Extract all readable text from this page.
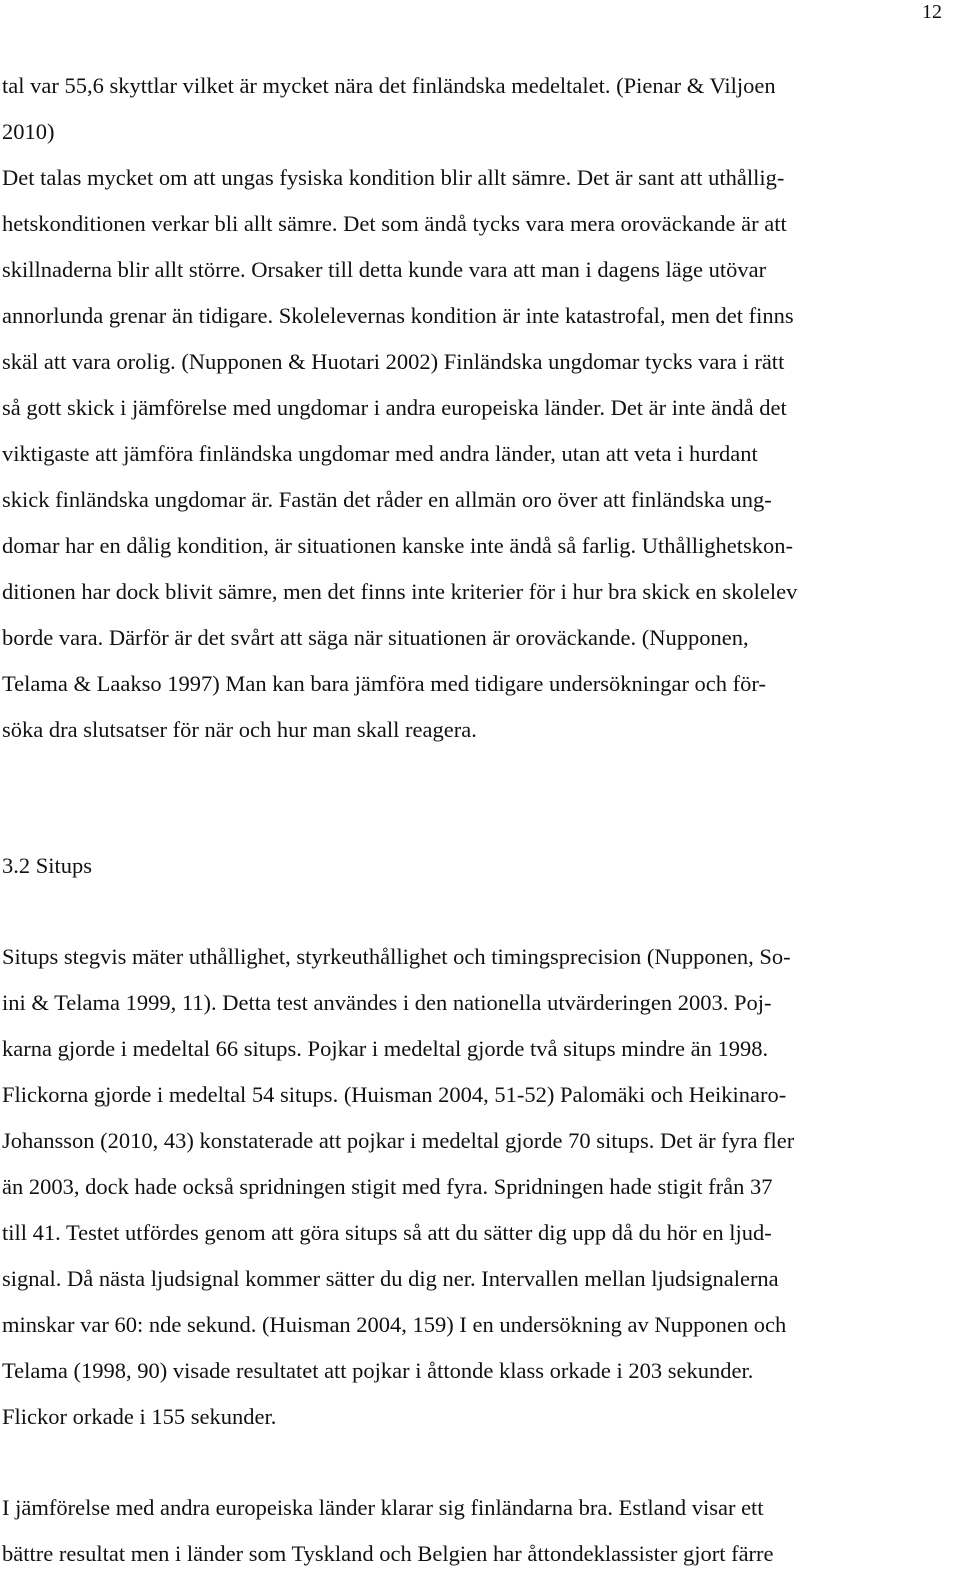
12
tal var 55,6 skyttlar vilket är mycket nära det finländska medeltalet. (Pienar & Viljoen
2010)
Det talas mycket om att ungas fysiska kondition blir allt sämre. Det är sant att uthållig-
hetskonditionen verkar bli allt sämre. Det som ändå tycks vara mera oroväckande är att
skillnaderna blir allt större. Orsaker till detta kunde vara att man i dagens läge utövar
annorlunda grenar än tidigare. Skolelevernas kondition är inte katastrofal, men det finns
skäl att vara orolig. (Nupponen & Huotari 2002) Finländska ungdomar tycks vara i rätt
så gott skick i jämförelse med ungdomar i andra europeiska länder. Det är inte ändå det
viktigaste att jämföra finländska ungdomar med andra länder, utan att veta i hurdant
skick finländska ungdomar är. Fastän det råder en allmän oro över att finländska ung-
domar har en dålig kondition, är situationen kanske inte ändå så farlig. Uthållighetskon-
ditionen har dock blivit sämre, men det finns inte kriterier för i hur bra skick en skolelev
borde vara. Därför är det svårt att säga när situationen är oroväckande. (Nupponen,
Telama & Laakso 1997) Man kan bara jämföra med tidigare undersökningar och för-
söka dra slutsatser för när och hur man skall reagera.
3.2 Situps
Situps stegvis mäter uthållighet, styrkeuthållighet och timingsprecision (Nupponen, So-
ini & Telama 1999, 11). Detta test användes i den nationella utvärderingen 2003. Poj-
karna gjorde i medeltal 66 situps. Pojkar i medeltal gjorde två situps mindre än 1998.
Flickorna gjorde i medeltal 54 situps. (Huisman 2004, 51-52) Palomäki och Heikinaro-
Johansson (2010, 43) konstaterade att pojkar i medeltal gjorde 70 situps. Det är fyra fler
än 2003, dock hade också spridningen stigit med fyra. Spridningen hade stigit från 37
till 41. Testet utfördes genom att göra situps så att du sätter dig upp då du hör en ljud-
signal. Då nästa ljudsignal kommer sätter du dig ner. Intervallen mellan ljudsignalerna
minskar var 60: nde sekund. (Huisman 2004, 159) I en undersökning av Nupponen och
Telama (1998, 90) visade resultatet att pojkar i åttonde klass orkade i 203 sekunder.
Flickor orkade i 155 sekunder.
I jämförelse med andra europeiska länder klarar sig finländarna bra. Estland visar ett
bättre resultat men i länder som Tyskland och Belgien har åttondeklassister gjort färre
